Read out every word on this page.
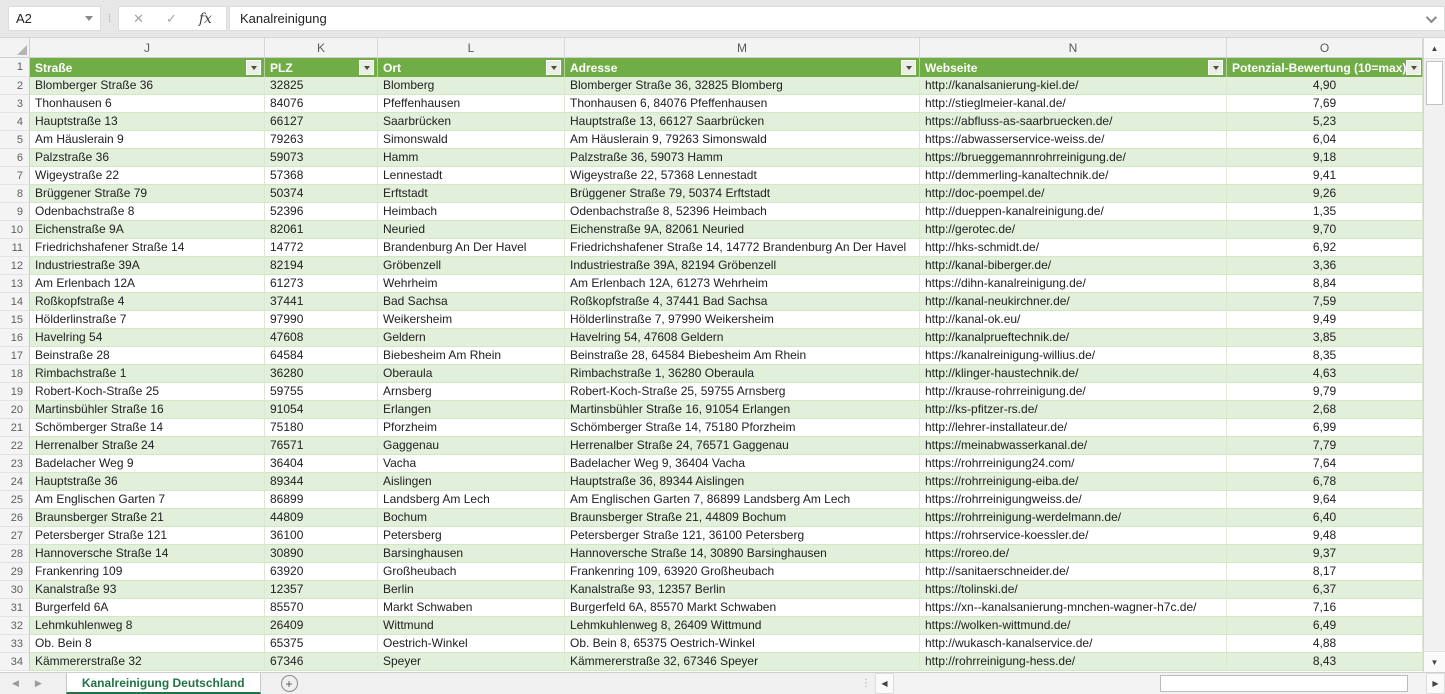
A2	⁞ ✕ ✓ fx Kanalreinigung
J	K	L	M	N	O
1	Straße	PLZ	Ort	Adresse	Webseite	Potenzial-Bewertung (10=max)
2	Blomberger Straße 36	32825	Blomberg	Blomberger Straße 36, 32825 Blomberg	http://kanalsanierung-kiel.de/	4,90
3	Thonhausen 6	84076	Pfeffenhausen	Thonhausen 6, 84076 Pfeffenhausen	http://stieglmeier-kanal.de/	7,69
4	Hauptstraße 13	66127	Saarbrücken	Hauptstraße 13, 66127 Saarbrücken	https://abfluss-as-saarbruecken.de/	5,23
5	Am Häuslerain 9	79263	Simonswald	Am Häuslerain 9, 79263 Simonswald	https://abwasserservice-weiss.de/	6,04
6	Palzstraße 36	59073	Hamm	Palzstraße 36, 59073 Hamm	https://brueggemannrohrreinigung.de/	9,18
7	Wigeystraße 22	57368	Lennestadt	Wigeystraße 22, 57368 Lennestadt	http://demmerling-kanaltechnik.de/	9,41
8	Brüggener Straße 79	50374	Erftstadt	Brüggener Straße 79, 50374 Erftstadt	http://doc-poempel.de/	9,26
9	Odenbachstraße 8	52396	Heimbach	Odenbachstraße 8, 52396 Heimbach	http://dueppen-kanalreinigung.de/	1,35
10	Eichenstraße 9A	82061	Neuried	Eichenstraße 9A, 82061 Neuried	http://gerotec.de/	9,70
11	Friedrichshafener Straße 14	14772	Brandenburg An Der Havel	Friedrichshafener Straße 14, 14772 Brandenburg An Der Havel	http://hks-schmidt.de/	6,92
12	Industriestraße 39A	82194	Gröbenzell	Industriestraße 39A, 82194 Gröbenzell	http://kanal-biberger.de/	3,36
13	Am Erlenbach 12A	61273	Wehrheim	Am Erlenbach 12A, 61273 Wehrheim	https://dihn-kanalreinigung.de/	8,84
14	Roßkopfstraße 4	37441	Bad Sachsa	Roßkopfstraße 4, 37441 Bad Sachsa	http://kanal-neukirchner.de/	7,59
15	Hölderlinstraße 7	97990	Weikersheim	Hölderlinstraße 7, 97990 Weikersheim	http://kanal-ok.eu/	9,49
16	Havelring 54	47608	Geldern	Havelring 54, 47608 Geldern	http://kanalprueftechnik.de/	3,85
17	Beinstraße 28	64584	Biebesheim Am Rhein	Beinstraße 28, 64584 Biebesheim Am Rhein	https://kanalreinigung-willius.de/	8,35
18	Rimbachstraße 1	36280	Oberaula	Rimbachstraße 1, 36280 Oberaula	http://klinger-haustechnik.de/	4,63
19	Robert-Koch-Straße 25	59755	Arnsberg	Robert-Koch-Straße 25, 59755 Arnsberg	http://krause-rohrreinigung.de/	9,79
20	Martinsbühler Straße 16	91054	Erlangen	Martinsbühler Straße 16, 91054 Erlangen	http://ks-pfitzer-rs.de/	2,68
21	Schömberger Straße 14	75180	Pforzheim	Schömberger Straße 14, 75180 Pforzheim	http://lehrer-installateur.de/	6,99
22	Herrenalber Straße 24	76571	Gaggenau	Herrenalber Straße 24, 76571 Gaggenau	https://meinabwasserkanal.de/	7,79
23	Badelacher Weg 9	36404	Vacha	Badelacher Weg 9, 36404 Vacha	https://rohrreinigung24.com/	7,64
24	Hauptstraße 36	89344	Aislingen	Hauptstraße 36, 89344 Aislingen	https://rohrreinigung-eiba.de/	6,78
25	Am Englischen Garten 7	86899	Landsberg Am Lech	Am Englischen Garten 7, 86899 Landsberg Am Lech	https://rohrreinigungweiss.de/	9,64
26	Braunsberger Straße 21	44809	Bochum	Braunsberger Straße 21, 44809 Bochum	https://rohrreinigung-werdelmann.de/	6,40
27	Petersberger Straße 121	36100	Petersberg	Petersberger Straße 121, 36100 Petersberg	https://rohrservice-koessler.de/	9,48
28	Hannoversche Straße 14	30890	Barsinghausen	Hannoversche Straße 14, 30890 Barsinghausen	https://roreo.de/	9,37
29	Frankenring 109	63920	Großheubach	Frankenring 109, 63920 Großheubach	http://sanitaerschneider.de/	8,17
30	Kanalstraße 93	12357	Berlin	Kanalstraße 93, 12357 Berlin	https://tolinski.de/	6,37
31	Burgerfeld 6A	85570	Markt Schwaben	Burgerfeld 6A, 85570 Markt Schwaben	https://xn--kanalsanierung-mnchen-wagner-h7c.de/	7,16
32	Lehmkuhlenweg 8	26409	Wittmund	Lehmkuhlenweg 8, 26409 Wittmund	https://wolken-wittmund.de/	6,49
33	Ob. Bein 8	65375	Oestrich-Winkel	Ob. Bein 8, 65375 Oestrich-Winkel	http://wukasch-kanalservice.de/	4,88
34	Kämmererstraße 32	67346	Speyer	Kämmererstraße 32, 67346 Speyer	http://rohrreinigung-hess.de/	8,43
▲
▼
◀ ▶	Kanalreinigung Deutschland	+	⋮	◀	▶
